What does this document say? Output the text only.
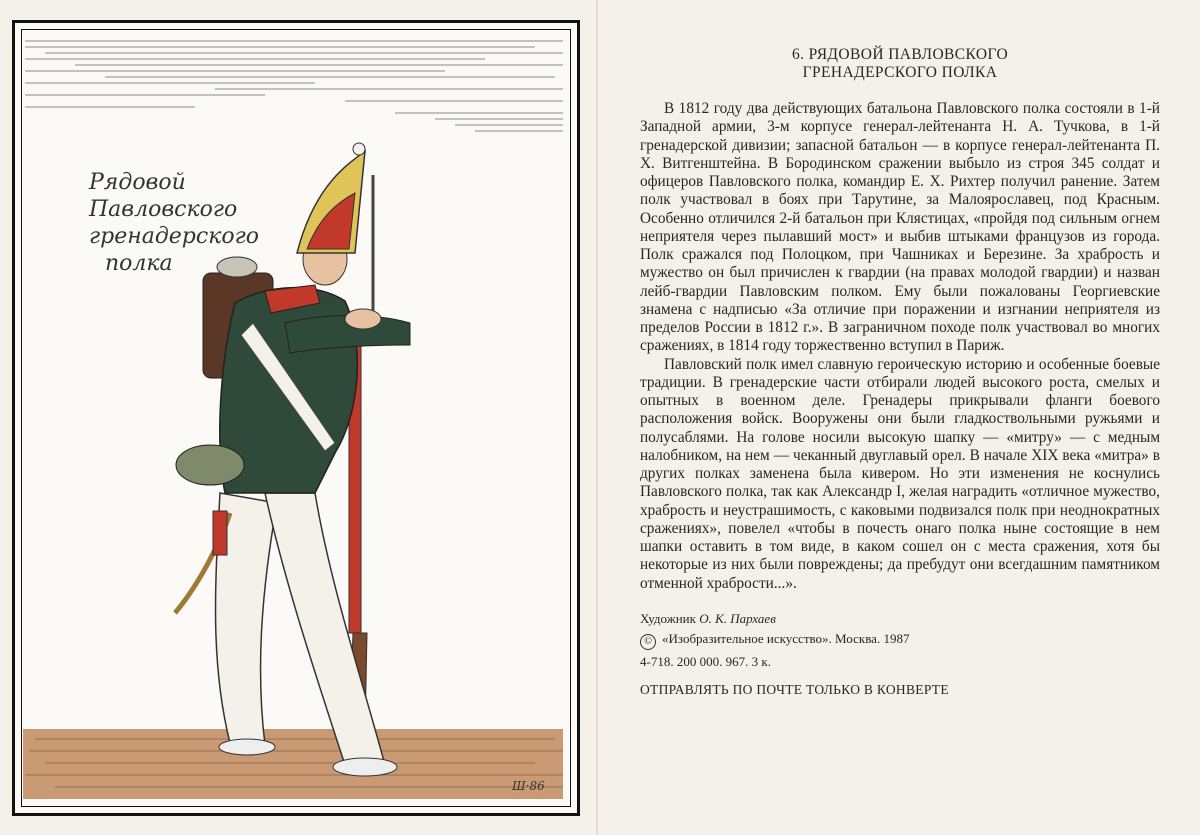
Рядовой
Павловского
гренадерского
полка
Ш·86
6. РЯДОВОЙ ПАВЛОВСКОГО
ГРЕНАДЕРСКОГО ПОЛКА

В 1812 году два действующих батальона Павловского полка состояли в 1-й Западной армии, 3-м корпусе генерал-лейтенанта Н. А. Тучкова, в 1-й гренадерской дивизии; запасной батальон — в корпусе генерал-лейтенанта П. Х. Витгенштейна. В Бородинском сражении выбыло из строя 345 солдат и офицеров Павловского полка, командир Е. Х. Рихтер получил ранение. Затем полк участвовал в боях при Тарутине, за Малоярославец, под Красным. Особенно отличился 2-й батальон при Клястицах, «пройдя под сильным огнем неприятеля через пылавший мост» и выбив штыками французов из города. Полк сражался под Полоцком, при Чашниках и Березине. За храбрость и мужество он был причислен к гвардии (на правах молодой гвардии) и назван лейб-гвардии Павловским полком. Ему были пожалованы Георгиевские знамена с надписью «За отличие при поражении и изгнании неприятеля из пределов России в 1812 г.». В заграничном походе полк участвовал во многих сражениях, в 1814 году торжественно вступил в Париж.

Павловский полк имел славную героическую историю и особенные боевые традиции. В гренадерские части отбирали людей высокого роста, смелых и опытных в военном деле. Гренадеры прикрывали фланги боевого расположения войск. Вооружены они были гладкоствольными ружьями и полусаблями. На голове носили высокую шапку — «митру» — с медным налобником, на нем — чеканный двуглавый орел. В начале XIX века «митра» в других полках заменена была кивером. Но эти изменения не коснулись Павловского полка, так как Александр I, желая наградить «отличное мужество, храбрость и неустрашимость, с каковыми подвизался полк при неоднократных сражениях», повелел «чтобы в почесть онаго полка ныне состоящие в нем шапки оставить в том виде, в каком сошел он с места сражения, хотя бы некоторые из них были повреждены; да пребудут они всегдашним памятником отменной храбрости...».

Художник О. К. Пархаев
© «Изобразительное искусство». Москва. 1987
4-718. 200 000. 967. 3 к.
ОТПРАВЛЯТЬ ПО ПОЧТЕ ТОЛЬКО В КОНВЕРТЕ
